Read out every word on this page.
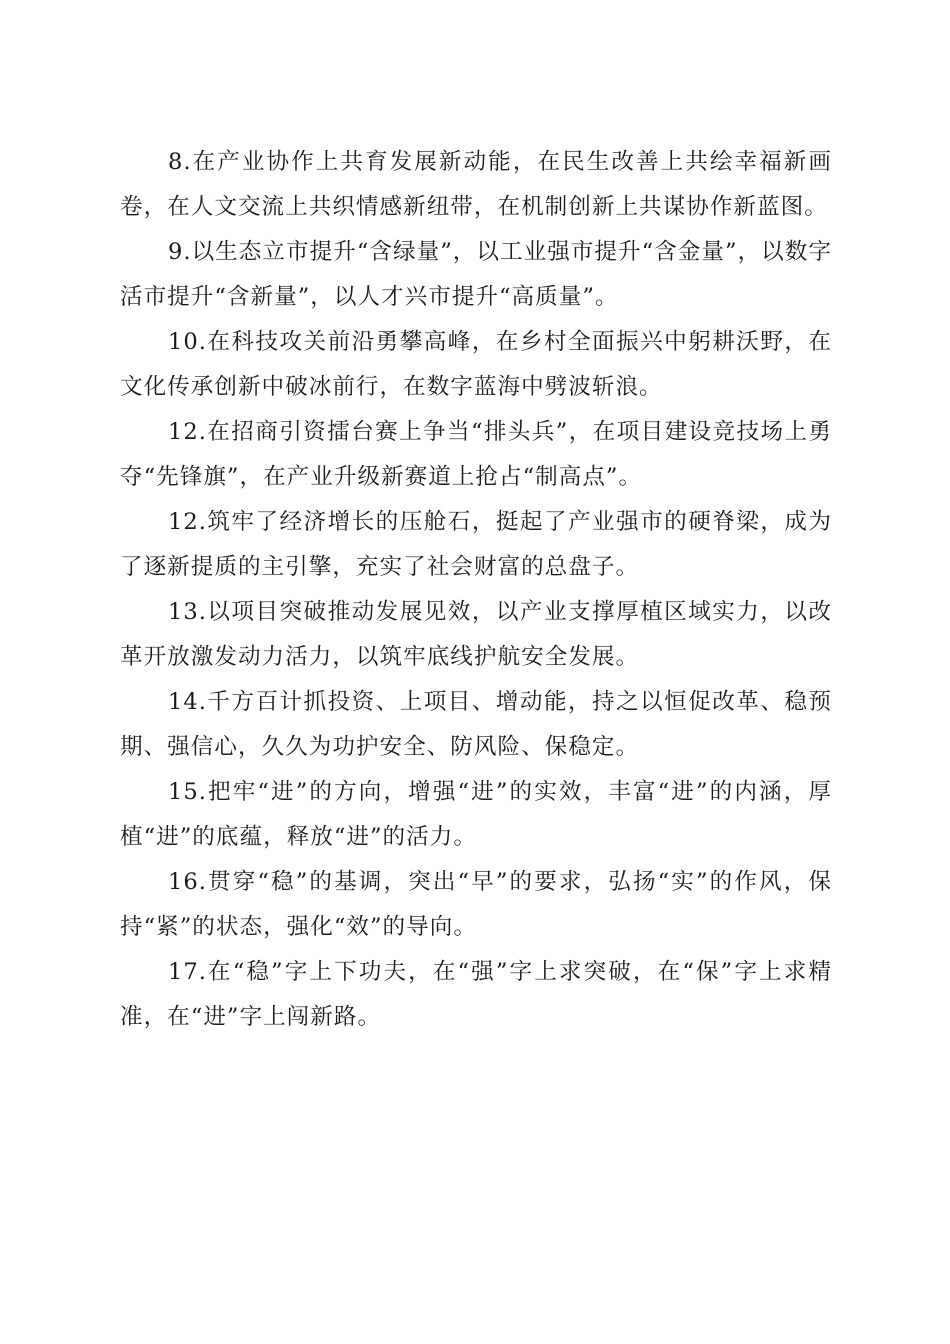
8.在产业协作上共育发展新动能，在民生改善上共绘幸福新画卷，在人文交流上共织情感新纽带，在机制创新上共谋协作新蓝图。

9.以生态立市提升“含绿量”，以工业强市提升“含金量”，以数字活市提升“含新量”，以人才兴市提升“高质量”。

10.在科技攻关前沿勇攀高峰，在乡村全面振兴中躬耕沃野，在文化传承创新中破冰前行，在数字蓝海中劈波斩浪。

12.在招商引资擂台赛上争当“排头兵”，在项目建设竞技场上勇夺“先锋旗”，在产业升级新赛道上抢占“制高点”。

12.筑牢了经济增长的压舱石，挺起了产业强市的硬脊梁，成为了逐新提质的主引擎，充实了社会财富的总盘子。

13.以项目突破推动发展见效，以产业支撑厚植区域实力，以改革开放激发动力活力，以筑牢底线护航安全发展。

14.千方百计抓投资、上项目、增动能，持之以恒促改革、稳预期、强信心，久久为功护安全、防风险、保稳定。

15.把牢“进”的方向，增强“进”的实效，丰富“进”的内涵，厚植“进”的底蕴，释放“进”的活力。

16.贯穿“稳”的基调，突出“早”的要求，弘扬“实”的作风，保持“紧”的状态，强化“效”的导向。

17.在“稳”字上下功夫，在“强”字上求突破，在“保”字上求精准，在“进”字上闯新路。
